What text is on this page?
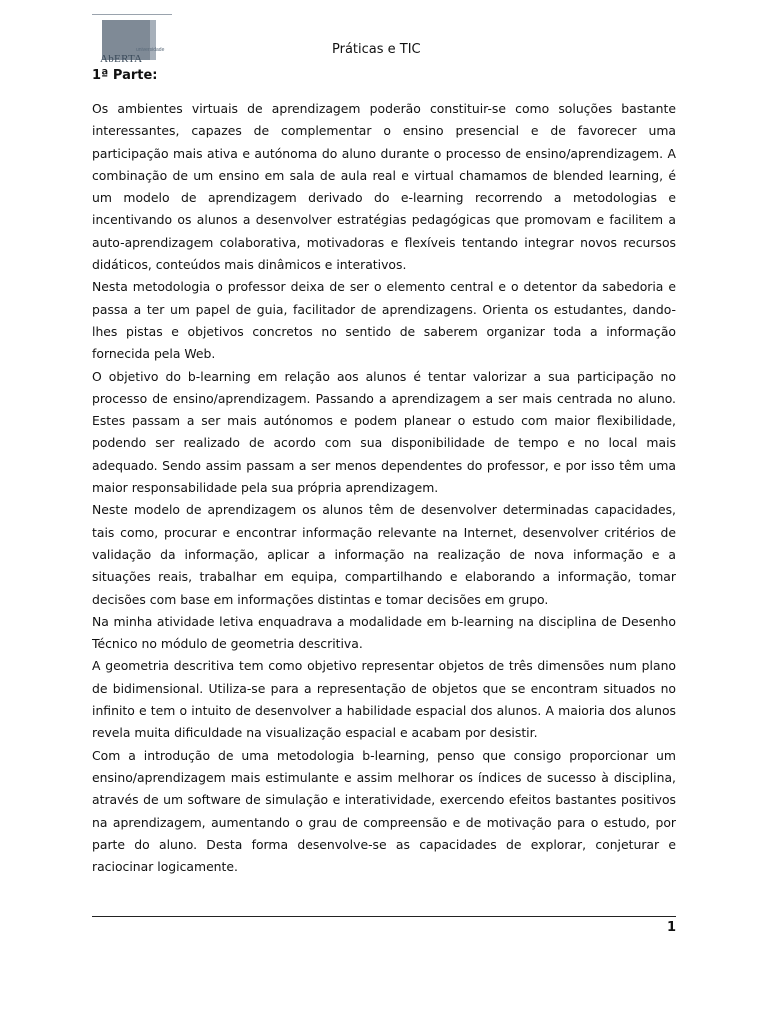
universidade
AbERTA
Práticas e TIC
1ª Parte:

Os ambientes virtuais de aprendizagem poderão constituir-se como soluções bastante interessantes, capazes de complementar o ensino presencial e de favorecer uma participação mais ativa e autónoma do aluno durante o processo de ensino/aprendizagem. A combinação de um ensino em sala de aula real e virtual chamamos de blended learning, é um modelo de aprendizagem derivado do e-learning recorrendo a metodologias e incentivando os alunos a desenvolver estratégias pedagógicas que promovam e facilitem a auto-aprendizagem colaborativa, motivadoras e flexíveis tentando integrar novos recursos didáticos, conteúdos mais dinâmicos e interativos.

Nesta metodologia o professor deixa de ser o elemento central e o detentor da sabedoria e passa a ter um papel de guia, facilitador de aprendizagens. Orienta os estudantes, dando-lhes pistas e objetivos concretos no sentido de saberem organizar toda a informação fornecida pela Web.

O objetivo do b-learning em relação aos alunos é tentar valorizar a sua participação no processo de ensino/aprendizagem. Passando a aprendizagem a ser mais centrada no aluno. Estes passam a ser mais autónomos e podem planear o estudo com maior flexibilidade, podendo ser realizado de acordo com sua disponibilidade de tempo e no local mais adequado. Sendo assim passam a ser menos dependentes do professor, e por isso têm uma maior responsabilidade pela sua própria aprendizagem.

Neste modelo de aprendizagem os alunos têm de desenvolver determinadas capacidades, tais como, procurar e encontrar informação relevante na Internet, desenvolver critérios de validação da informação, aplicar a informação na realização de nova informação e a situações reais, trabalhar em equipa, compartilhando e elaborando a informação, tomar decisões com base em informações distintas e tomar decisões em grupo.

Na minha atividade letiva enquadrava a modalidade em b-learning na disciplina de Desenho Técnico no módulo de geometria descritiva.

A geometria descritiva tem como objetivo representar objetos de três dimensões num plano de bidimensional. Utiliza-se para a representação de objetos que se encontram situados no infinito e tem o intuito de desenvolver a habilidade espacial dos alunos. A maioria dos alunos revela muita dificuldade na visualização espacial e acabam por desistir.

Com a introdução de uma metodologia b-learning, penso que consigo proporcionar um ensino/aprendizagem mais estimulante e assim melhorar os índices de sucesso à disciplina, através de um software de simulação e interatividade, exercendo efeitos bastantes positivos na aprendizagem, aumentando o grau de compreensão e de motivação para o estudo, por parte do aluno. Desta forma desenvolve-se as capacidades de explorar, conjeturar e raciocinar logicamente.

1
